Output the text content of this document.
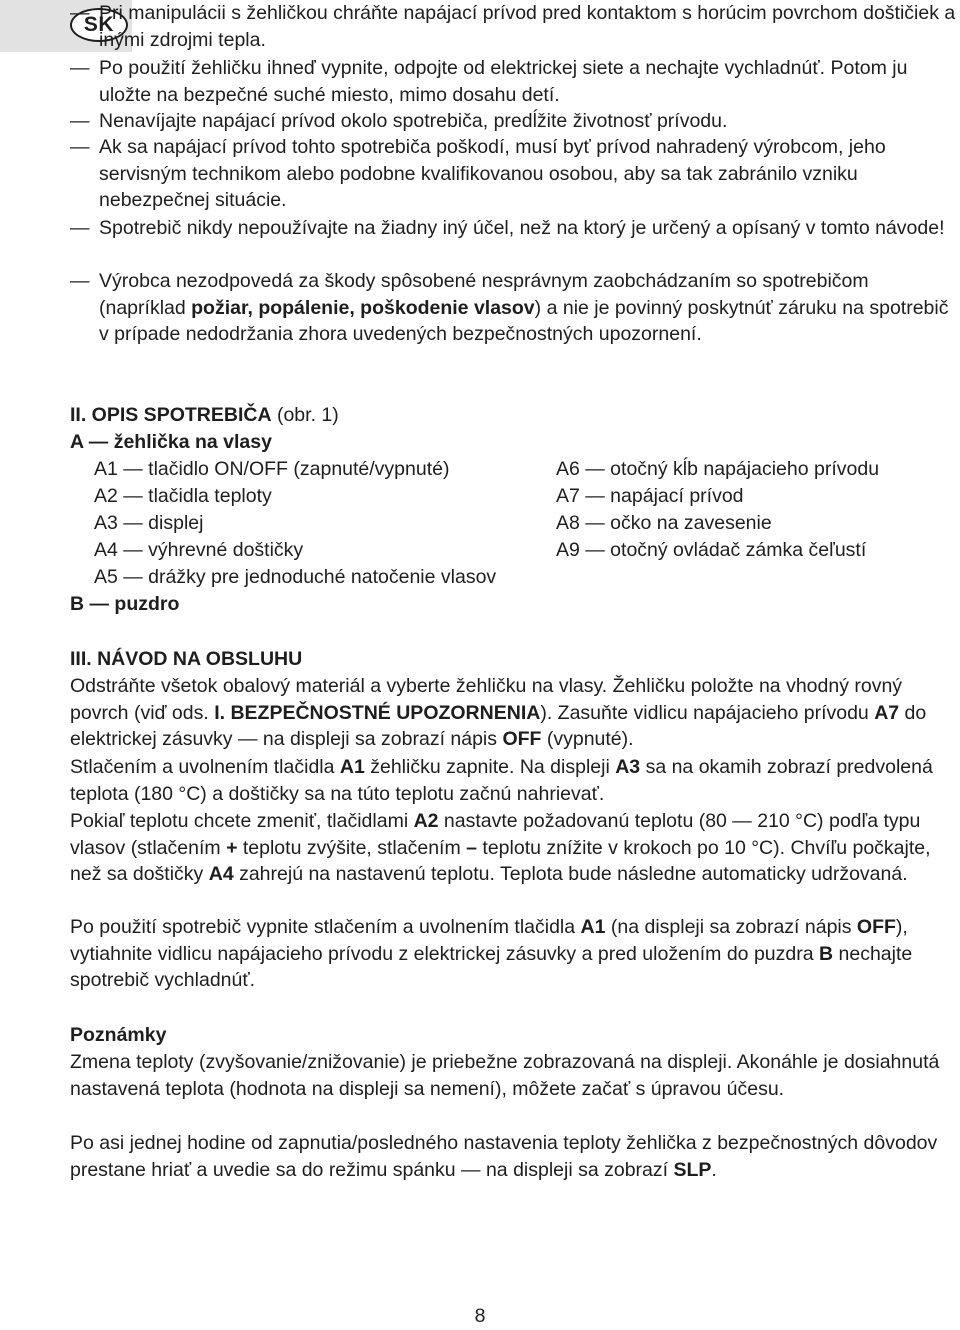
SK
— Pri manipulácii s žehličkou chráňte napájací prívod pred kontaktom s horúcim povrchom doštičiek a inými zdrojmi tepla.
— Po použití žehličku ihneď vypnite, odpojte od elektrickej siete a nechajte vychladnúť. Potom ju uložte na bezpečné suché miesto, mimo dosahu detí.
— Nenavíjajte napájací prívod okolo spotrebiča, predĺžite životnosť prívodu.
— Ak sa napájací prívod tohto spotrebiča poškodí, musí byť prívod nahradený výrobcom, jeho servisným technikom alebo podobne kvalifikovanou osobou, aby sa tak zabránilo vzniku nebezpečnej situácie.
— Spotrebič nikdy nepoužívajte na žiadny iný účel, než na ktorý je určený a opísaný v tomto návode!
— Výrobca nezodpovedá za škody spôsobené nesprávnym zaobchádzaním so spotrebičom (napríklad požiar, popálenie, poškodenie vlasov) a nie je povinný poskytnúť záruku na spotrebič v prípade nedodržania zhora uvedených bezpečnostných upozornení.
II. OPIS SPOTREBIČA (obr. 1)
A — žehlička na vlasy
A1 — tlačidlo ON/OFF (zapnuté/vypnuté)
A2 — tlačidla teploty
A3 — displej
A4 — výhrevné doštičky
A5 — drážky pre jednoduché natočenie vlasov
A6 — otočný kĺb napájacieho prívodu
A7 — napájací prívod
A8 — očko na zavesenie
A9 — otočný ovládač zámka čeľustí
B — puzdro
III. NÁVOD NA OBSLUHU

Odstráňte všetok obalový materiál a vyberte žehličku na vlasy. Žehličku položte na vhodný rovný povrch (viď ods. I. BEZPEČNOSTNÉ UPOZORNENIA). Zasuňte vidlicu napájacieho prívodu A7 do elektrickej zásuvky — na displeji sa zobrazí nápis OFF (vypnuté).

Stlačením a uvolnením tlačidla A1 žehličku zapnite. Na displeji A3 sa na okamih zobrazí predvolená teplota (180 °C) a doštičky sa na túto teplotu začnú nahrievať.

Pokiaľ teplotu chcete zmeniť, tlačidlami A2 nastavte požadovanú teplotu (80 — 210 °C) podľa typu vlasov (stlačením + teplotu zvýšite, stlačením – teplotu znížite v krokoch po 10 °C). Chvíľu počkajte, než sa doštičky A4 zahrejú na nastavenú teplotu. Teplota bude následne automaticky udržovaná.

Po použití spotrebič vypnite stlačením a uvolnením tlačidla A1 (na displeji sa zobrazí nápis OFF), vytiahnite vidlicu napájacieho prívodu z elektrickej zásuvky a pred uložením do puzdra B nechajte spotrebič vychladnúť.

Poznámky

Zmena teploty (zvyšovanie/znižovanie) je priebežne zobrazovaná na displeji. Akonáhle je dosiahnutá nastavená teplota (hodnota na displeji sa nemení), môžete začať s úpravou účesu.

Po asi jednej hodine od zapnutia/posledného nastavenia teploty žehlička z bezpečnostných dôvodov prestane hriať a uvedie sa do režimu spánku — na displeji sa zobrazí SLP.

8
